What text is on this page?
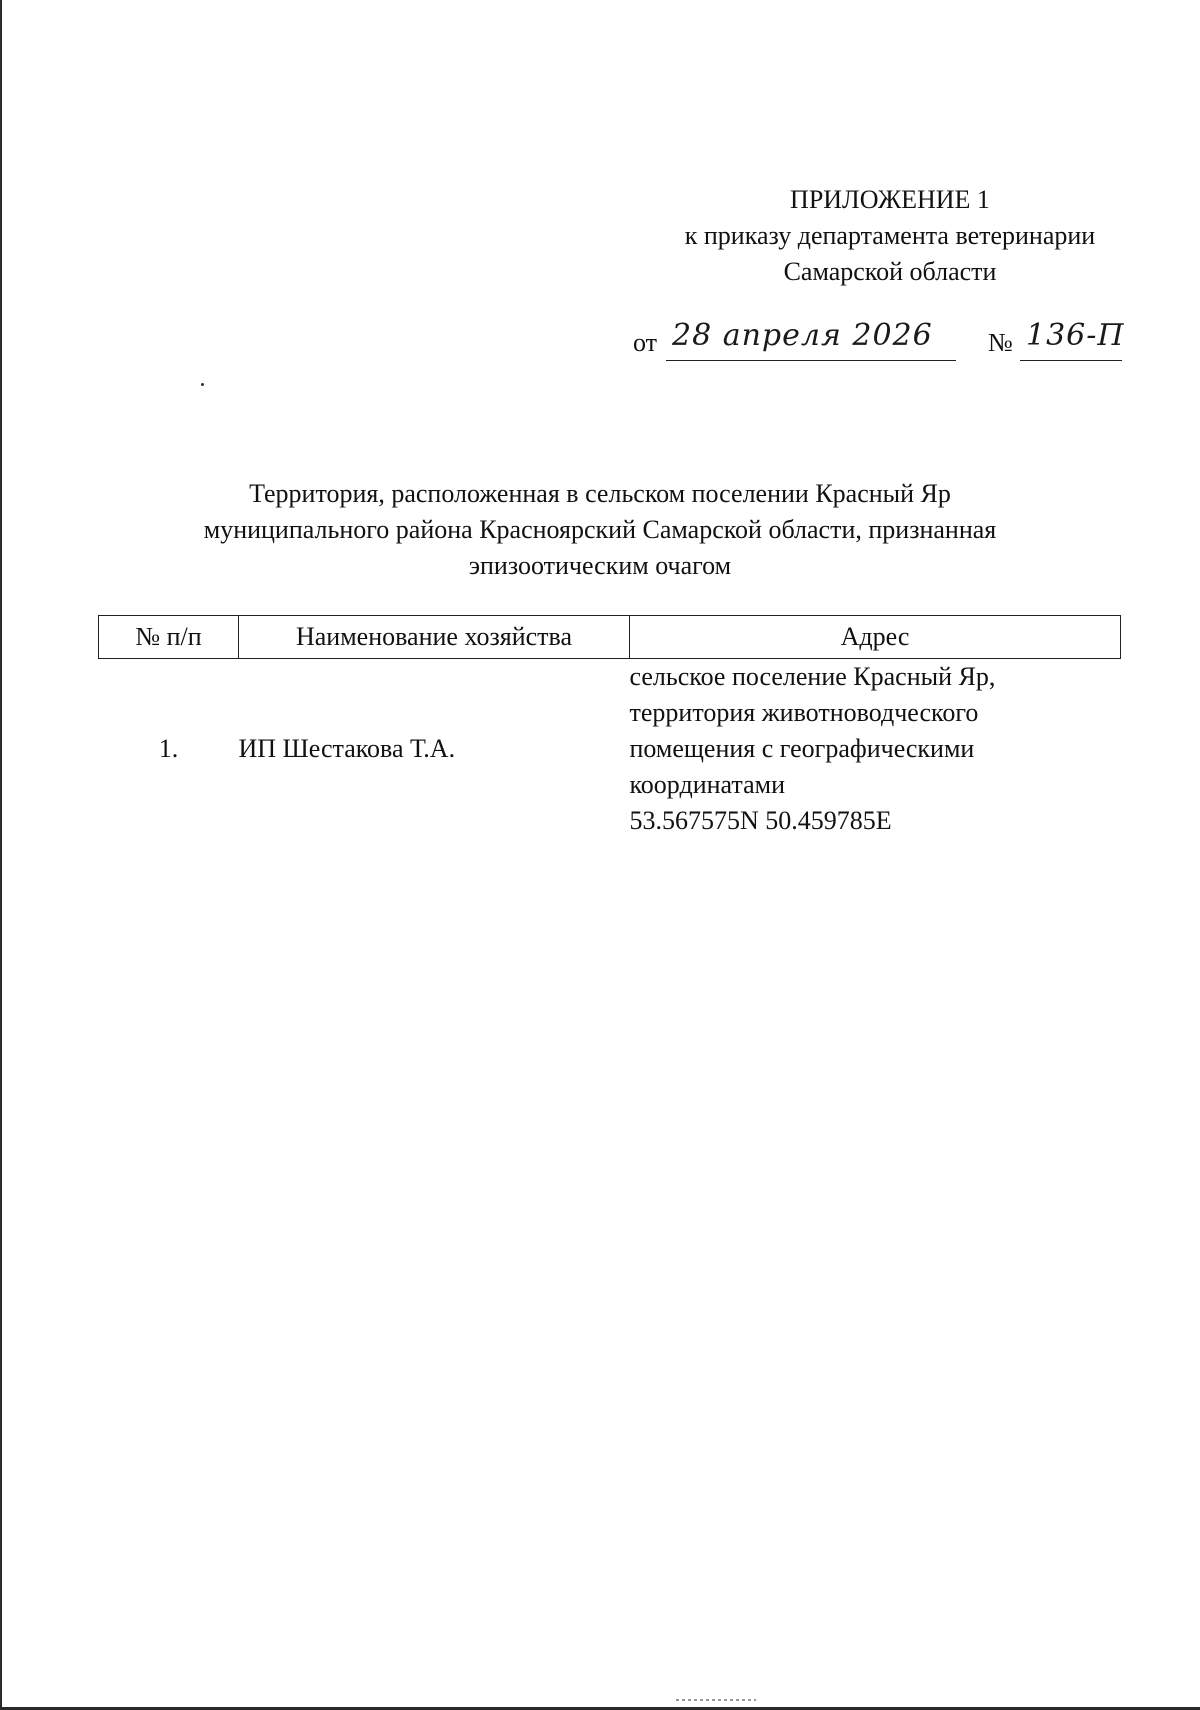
ПРИЛОЖЕНИЕ 1
к приказу департамента ветеринарии
Самарской области
от 28 апреля 2026 № 136-П
Территория, расположенная в сельском поселении Красный Яр
муниципального района Красноярский Самарской области, признанная
эпизоотическим очагом
№ п/п	Наименование хозяйства	Адрес
1.	ИП Шестакова Т.А.	сельское поселение Красный Яр,
территория животноводческого
помещения с географическими
координатами
53.567575N 50.459785E
